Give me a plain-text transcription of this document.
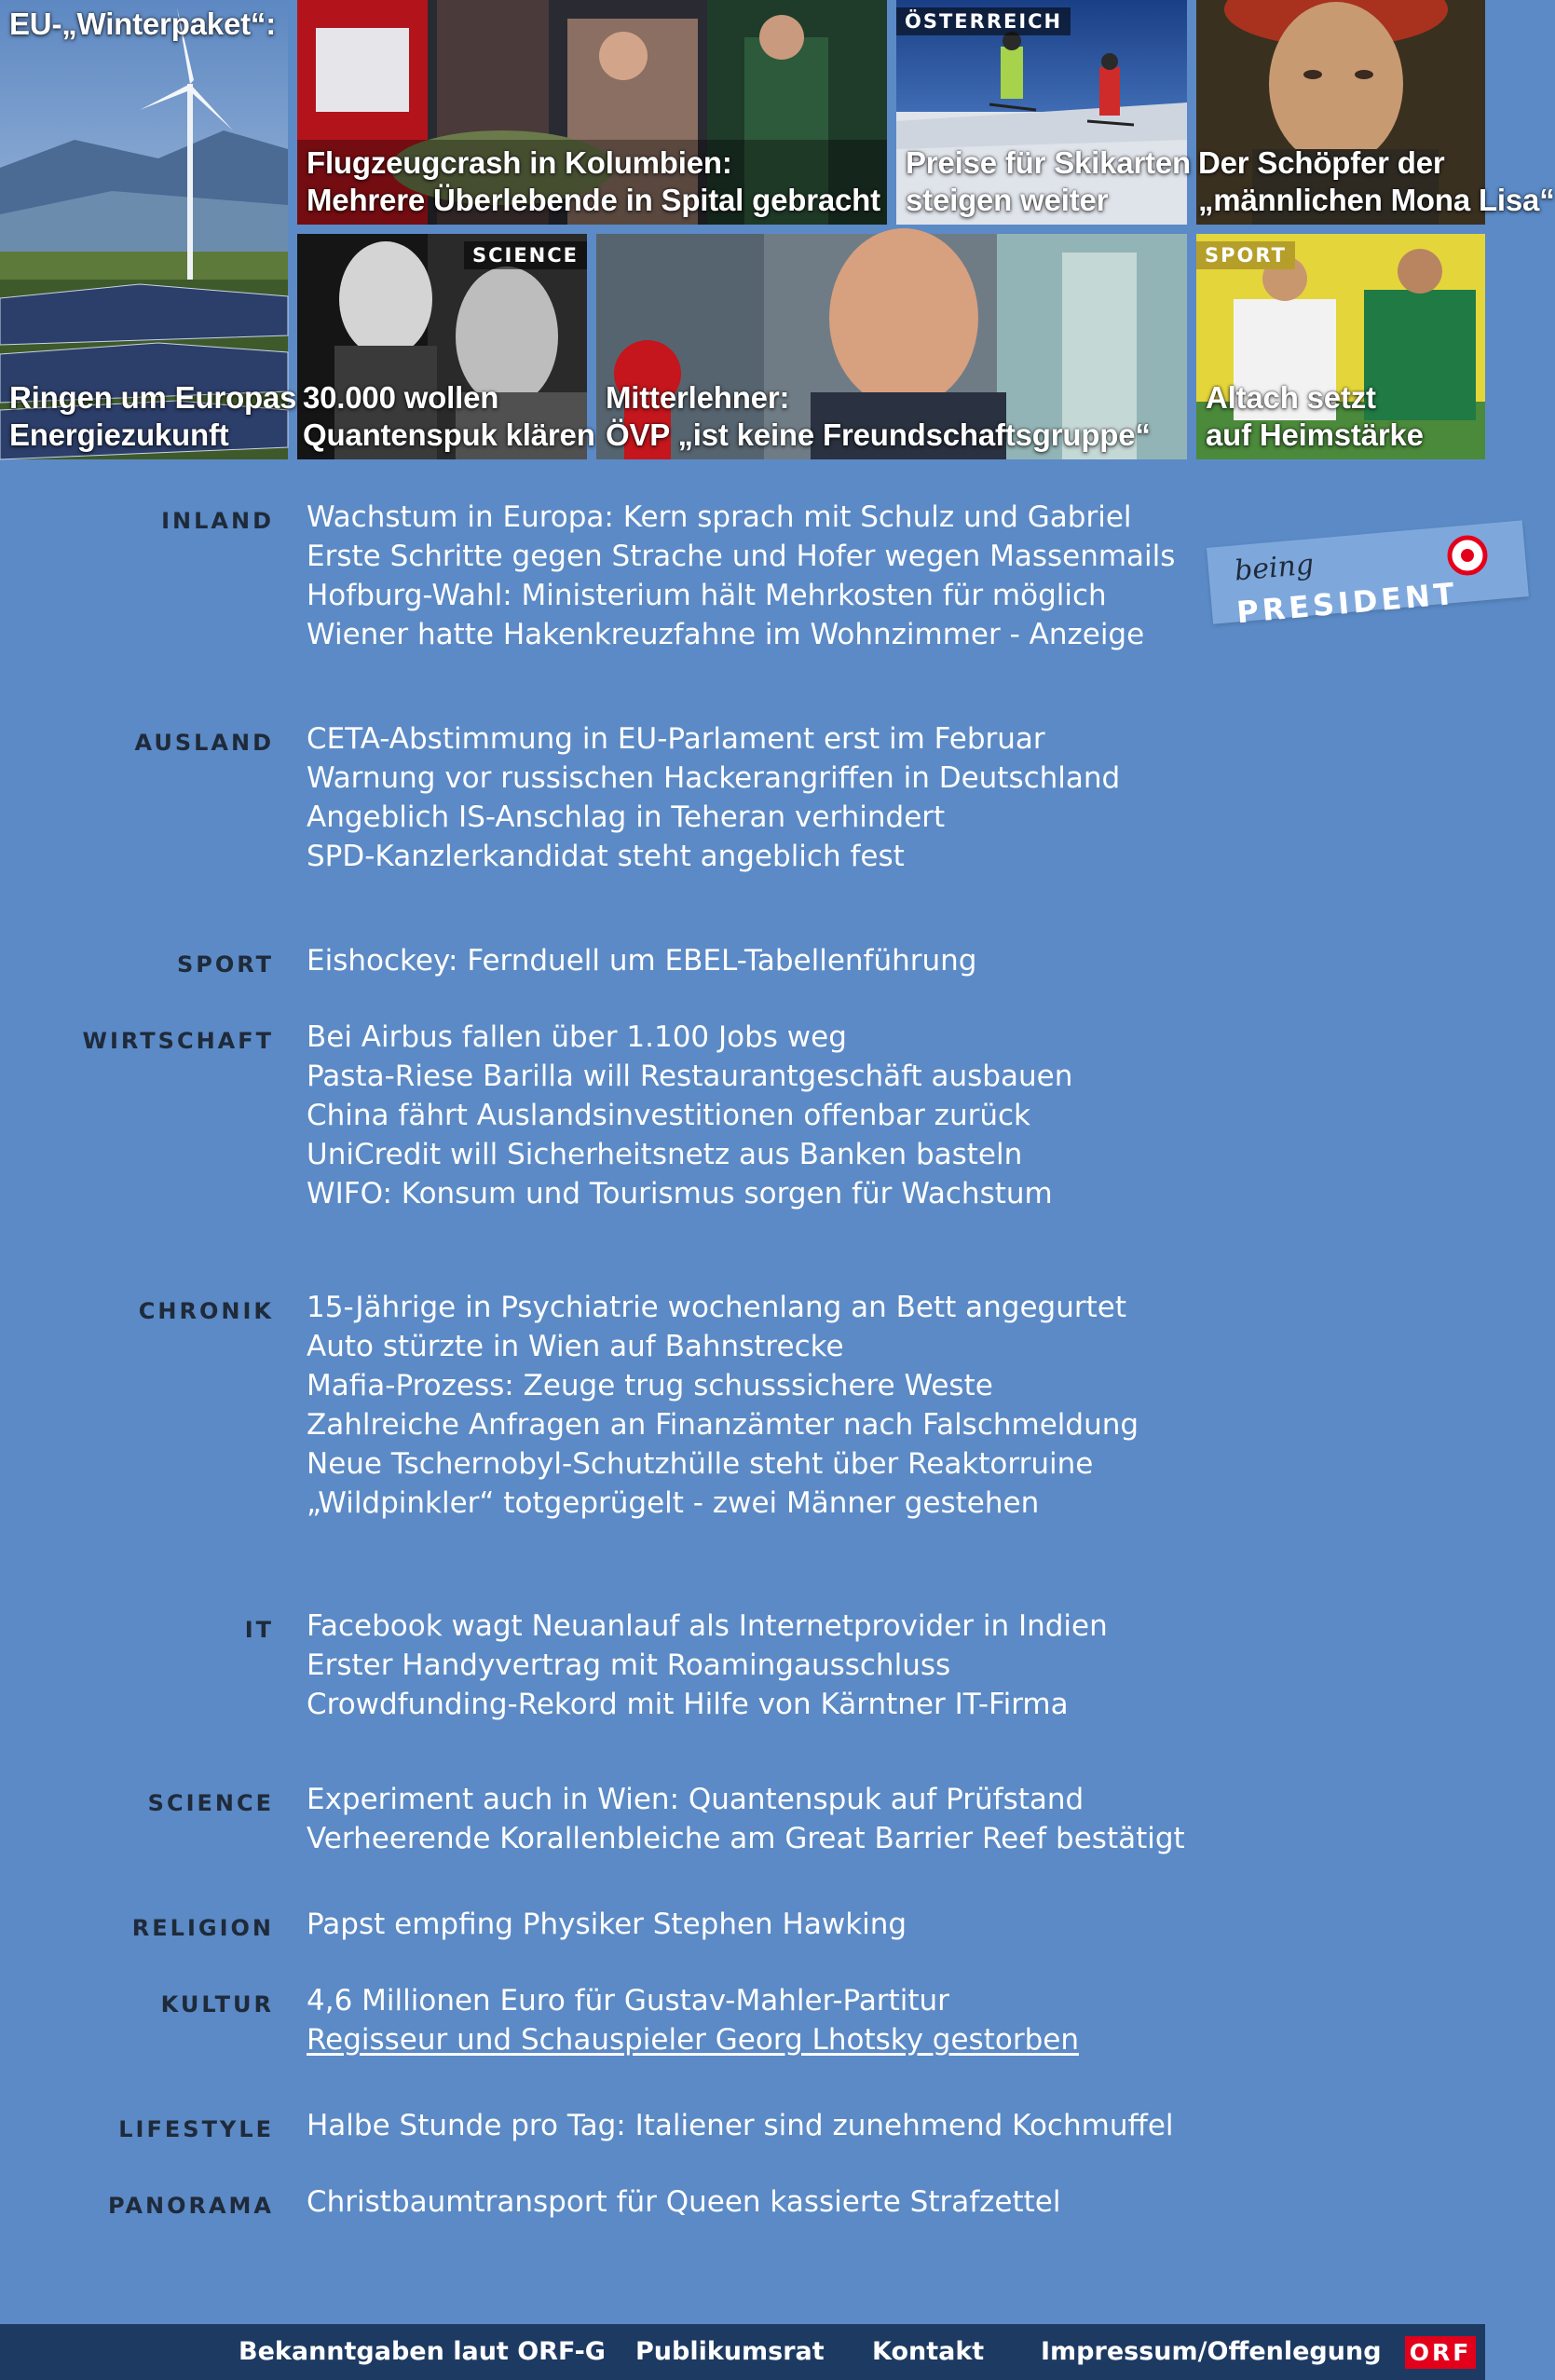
EU-„Winterpaket“:
Ringen um Europas
Energiezukunft
Flugzeugcrash in Kolumbien:
Mehrere Überlebende in Spital gebracht
ÖSTERREICH
Preise für Skikarten
steigen weiter
Der Schöpfer der
„männlichen Mona Lisa“
SCIENCE
30.000 wollen
Quantenspuk klären
Mitterlehner:
ÖVP „ist keine Freundschaftsgruppe“
SPORT
Altach setzt
auf Heimstärke
being
PRESIDENT
INLAND Wachstum in Europa: Kern sprach mit Schulz und Gabriel
Erste Schritte gegen Strache und Hofer wegen Massenmails
Hofburg-Wahl: Ministerium hält Mehrkosten für möglich
Wiener hatte Hakenkreuzfahne im Wohnzimmer - Anzeige
AUSLAND CETA-Abstimmung in EU-Parlament erst im Februar
Warnung vor russischen Hackerangriffen in Deutschland
Angeblich IS-Anschlag in Teheran verhindert
SPD-Kanzlerkandidat steht angeblich fest
SPORT Eishockey: Fernduell um EBEL-Tabellenführung
WIRTSCHAFT Bei Airbus fallen über 1.100 Jobs weg
Pasta-Riese Barilla will Restaurantgeschäft ausbauen
China fährt Auslandsinvestitionen offenbar zurück
UniCredit will Sicherheitsnetz aus Banken basteln
WIFO: Konsum und Tourismus sorgen für Wachstum
CHRONIK 15-Jährige in Psychiatrie wochenlang an Bett angegurtet
Auto stürzte in Wien auf Bahnstrecke
Mafia-Prozess: Zeuge trug schusssichere Weste
Zahlreiche Anfragen an Finanzämter nach Falschmeldung
Neue Tschernobyl-Schutzhülle steht über Reaktorruine
„Wildpinkler“ totgeprügelt - zwei Männer gestehen
IT Facebook wagt Neuanlauf als Internetprovider in Indien
Erster Handyvertrag mit Roamingausschluss
Crowdfunding-Rekord mit Hilfe von Kärntner IT-Firma
SCIENCE Experiment auch in Wien: Quantenspuk auf Prüfstand
Verheerende Korallenbleiche am Great Barrier Reef bestätigt
RELIGION Papst empfing Physiker Stephen Hawking
KULTUR 4,6 Millionen Euro für Gustav-Mahler-Partitur
Regisseur und Schauspieler Georg Lhotsky gestorben
LIFESTYLE Halbe Stunde pro Tag: Italiener sind zunehmend Kochmuffel
PANORAMA Christbaumtransport für Queen kassierte Strafzettel
Bekanntgaben laut ORF-G Publikumsrat Kontakt Impressum/Offenlegung ORF
